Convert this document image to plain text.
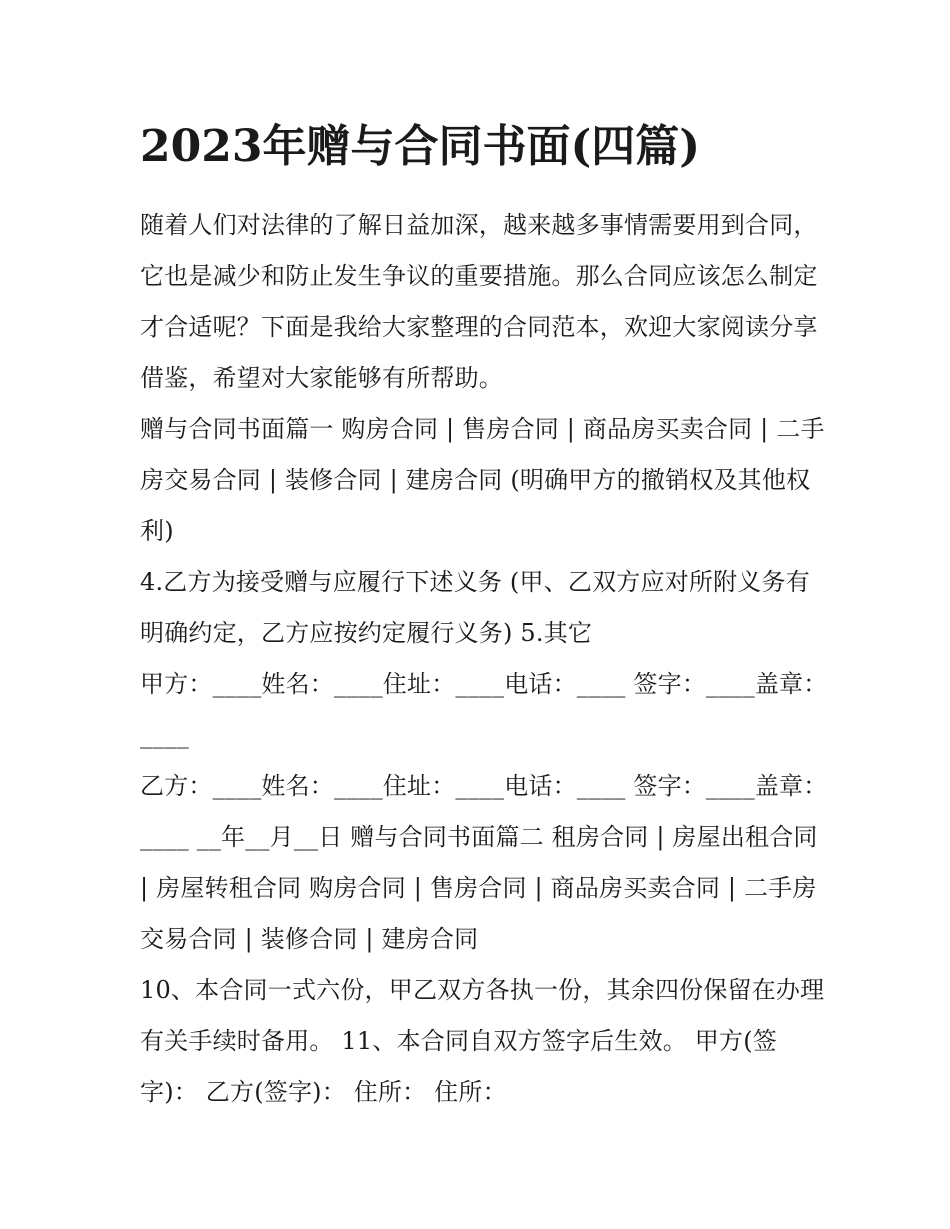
2023年赠与合同书面(四篇)

随着人们对法律的了解日益加深，越来越多事情需要用到合同，它也是减少和防止发生争议的重要措施。那么合同应该怎么制定才合适呢？下面是我给大家整理的合同范本，欢迎大家阅读分享借鉴，希望对大家能够有所帮助。

赠与合同书面篇一 购房合同 | 售房合同 | 商品房买卖合同 | 二手房交易合同 | 装修合同 | 建房合同 (明确甲方的撤销权及其他权利)

4.乙方为接受赠与应履行下述义务 (甲、乙双方应对所附义务有明确约定，乙方应按约定履行义务) 5.其它

甲方：____姓名：____住址：____电话：____ 签字：____盖章：____

乙方：____姓名：____住址：____电话：____ 签字：____盖章：____ __年__月__日 赠与合同书面篇二 租房合同 | 房屋出租合同 | 房屋转租合同 购房合同 | 售房合同 | 商品房买卖合同 | 二手房交易合同 | 装修合同 | 建房合同

10、本合同一式六份，甲乙双方各执一份，其余四份保留在办理有关手续时备用。 11、本合同自双方签字后生效。 甲方(签字)： 乙方(签字)： 住所： 住所：
